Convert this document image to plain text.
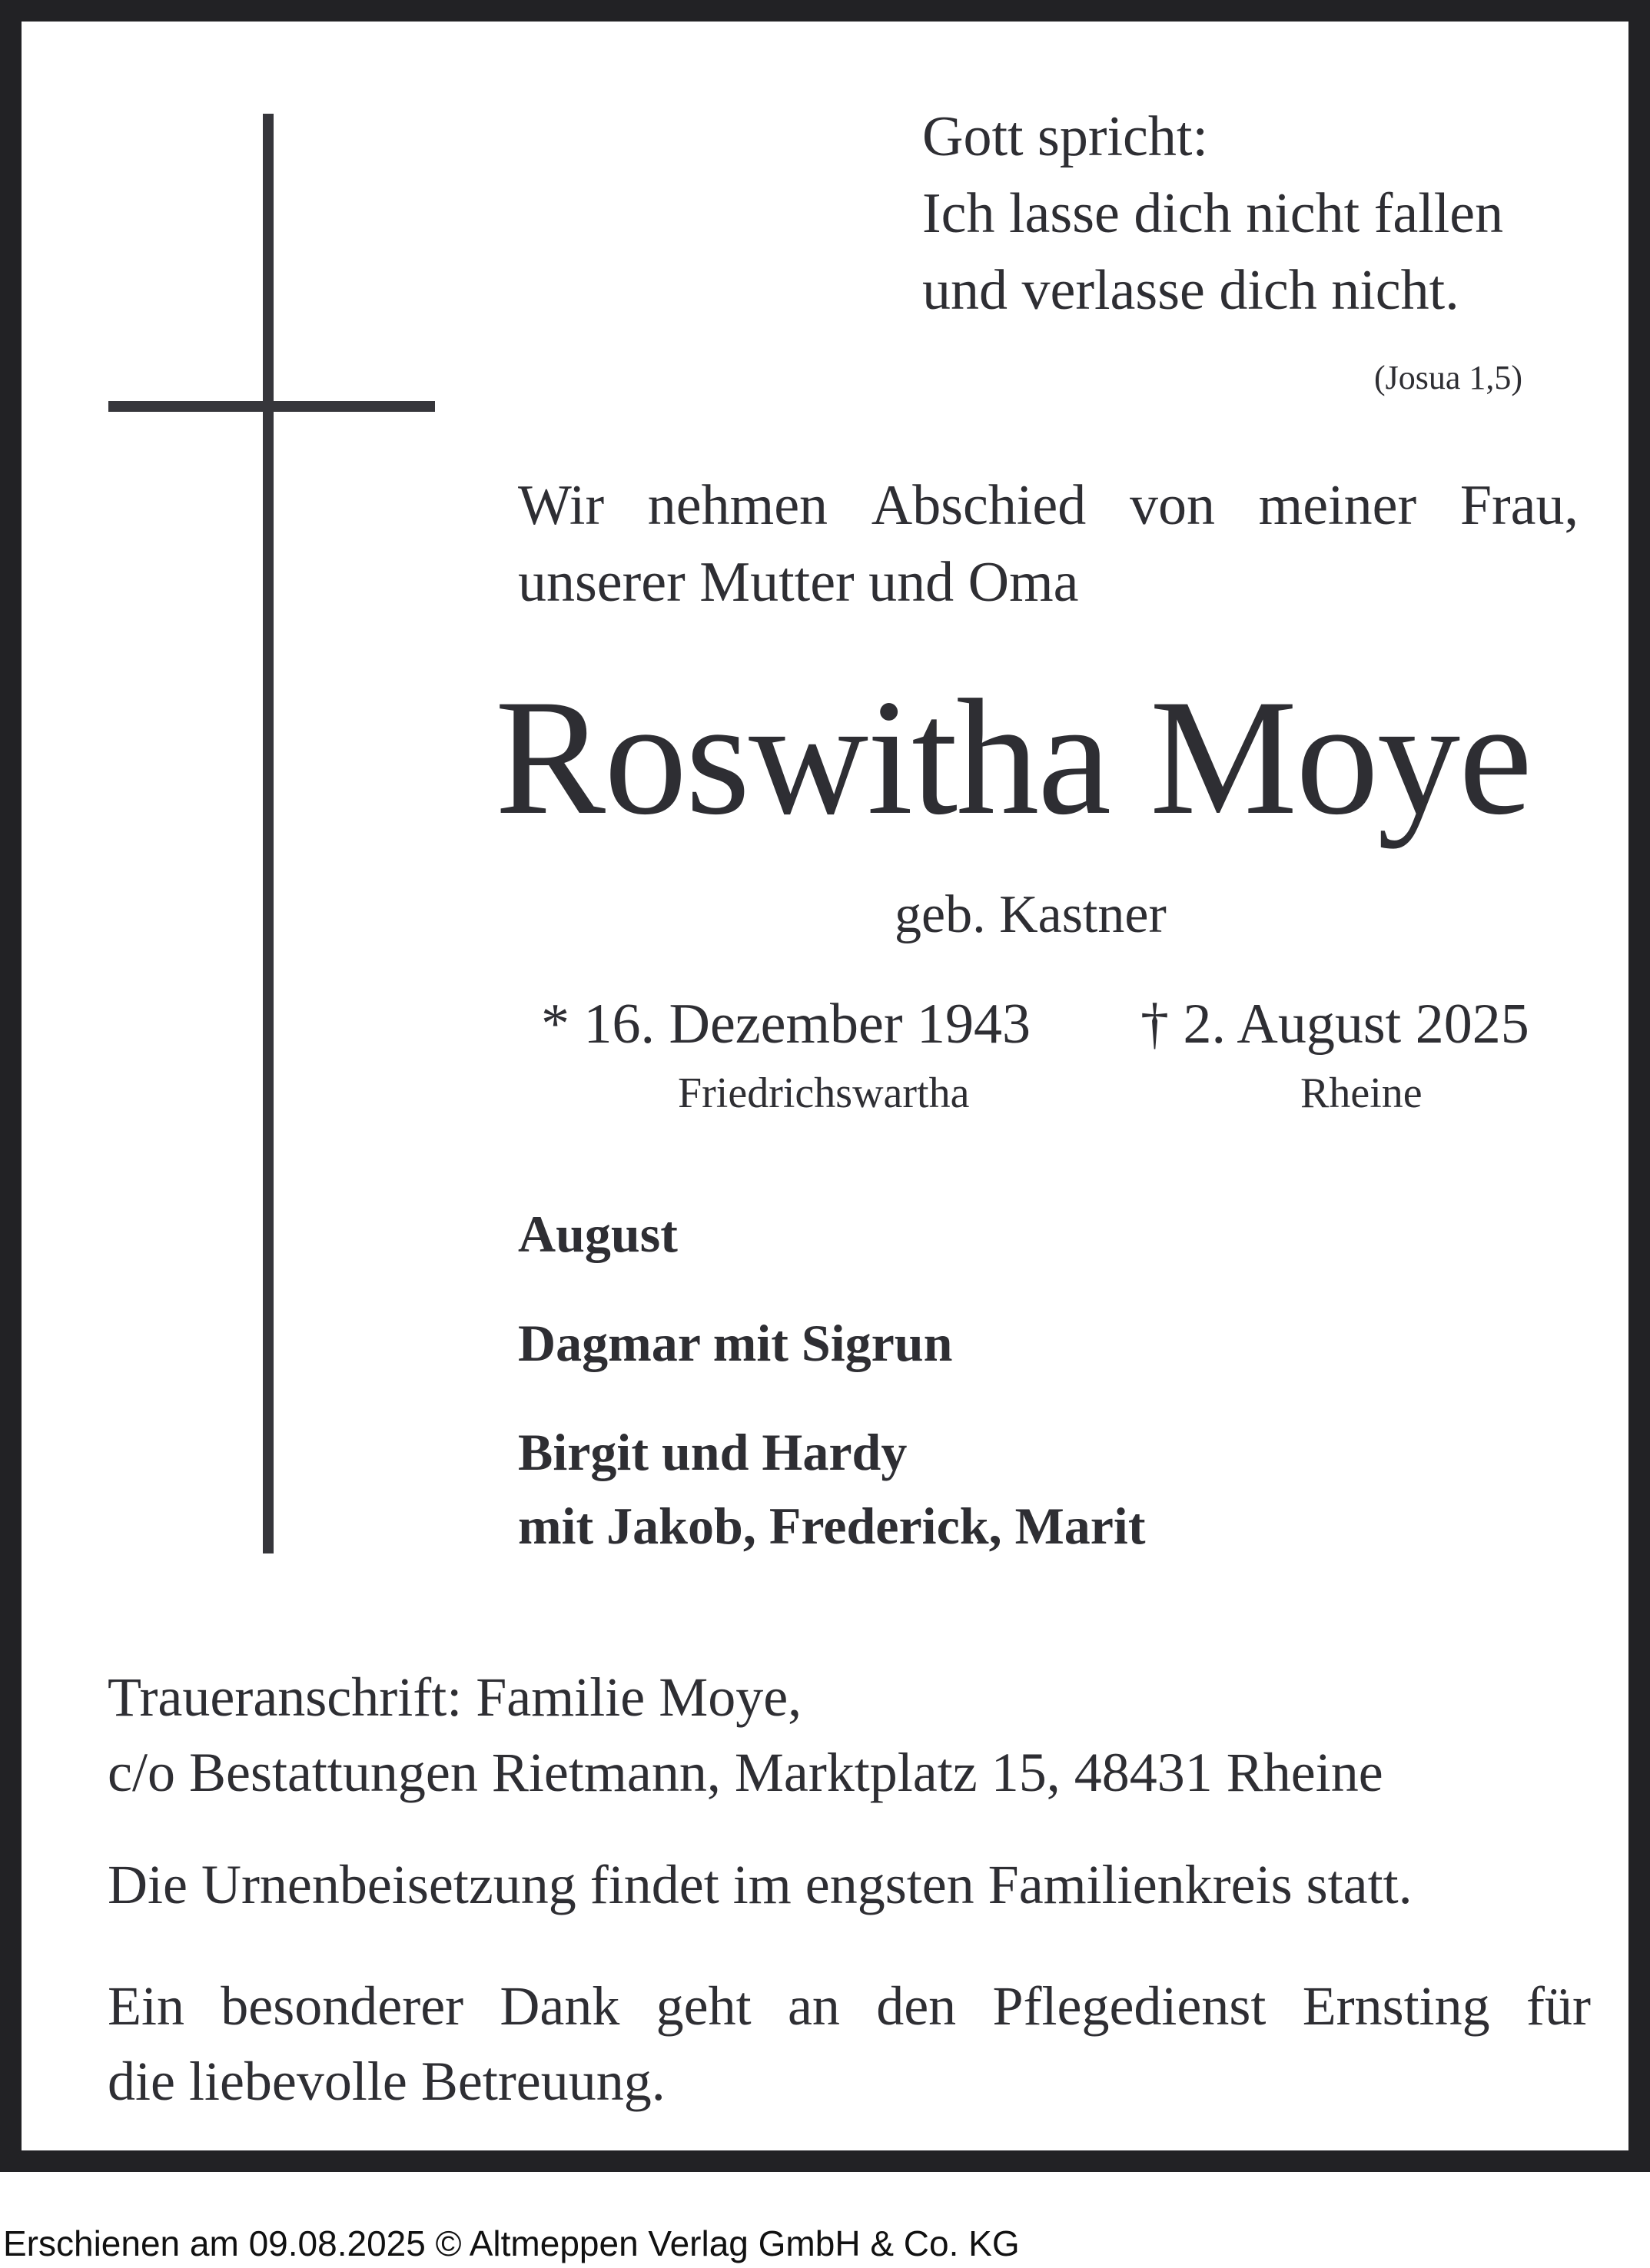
Gott spricht:
Ich lasse dich nicht fallen
und verlasse dich nicht.
(Josua 1,5)
Wir nehmen Abschied von meiner Frau,
unserer Mutter und Oma
Roswitha Moye
geb. Kastner
* 16. Dezember 1943 † 2. August 2025
Friedrichswartha	Rheine
August
Dagmar mit Sigrun
Birgit und Hardy
mit Jakob, Frederick, Marit
Traueranschrift: Familie Moye,
c/o Bestattungen Rietmann, Marktplatz 15, 48431 Rheine
Die Urnenbeisetzung findet im engsten Familienkreis statt.
Ein besonderer Dank geht an den Pflegedienst Ernsting für
die liebevolle Betreuung.
Erschienen am 09.08.2025 © Altmeppen Verlag GmbH & Co. KG
